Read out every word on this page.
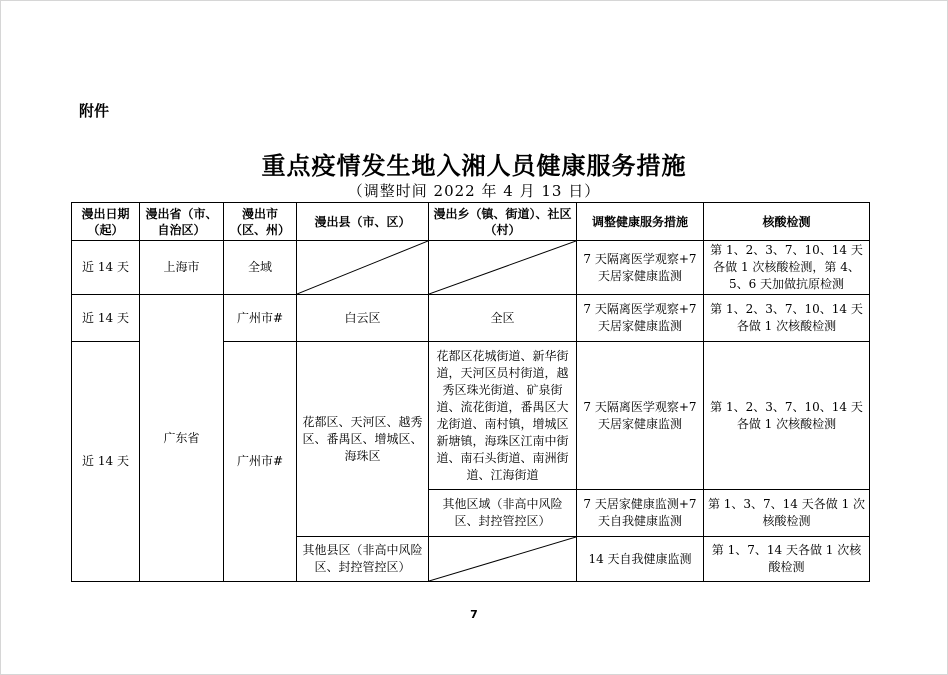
附件
重点疫情发生地入湘人员健康服务措施
（调整时间 2022 年 4 月 13 日）
漫出日期（起）	漫出省（市、自治区）	漫出市（区、州）	漫出县（市、区）	漫出乡（镇、街道）、社区（村）	调整健康服务措施	核酸检测
近 14 天	上海市	全域			7 天隔离医学观察+7 天居家健康监测	第 1、2、3、7、10、14 天各做 1 次核酸检测，第 4、5、6 天加做抗原检测
近 14 天	广东省	广州市#	白云区	全区	7 天隔离医学观察+7 天居家健康监测	第 1、2、3、7、10、14 天各做 1 次核酸检测
近 14 天		广州市#	花都区、天河区、越秀区、番禺区、增城区、海珠区	花都区花城街道、新华街道，天河区员村街道，越秀区珠光街道、矿泉街道、流花街道，番禺区大龙街道、南村镇，增城区新塘镇，海珠区江南中街道、南石头街道、南洲街道、江海街道	7 天隔离医学观察+7 天居家健康监测	第 1、2、3、7、10、14 天各做 1 次核酸检测
				其他区域（非高中风险区、封控管控区）	7 天居家健康监测+7 天自我健康监测	第 1、3、7、14 天各做 1 次核酸检测
			其他县区（非高中风险区、封控管控区）		14 天自我健康监测	第 1、7、14 天各做 1 次核酸检测
7
